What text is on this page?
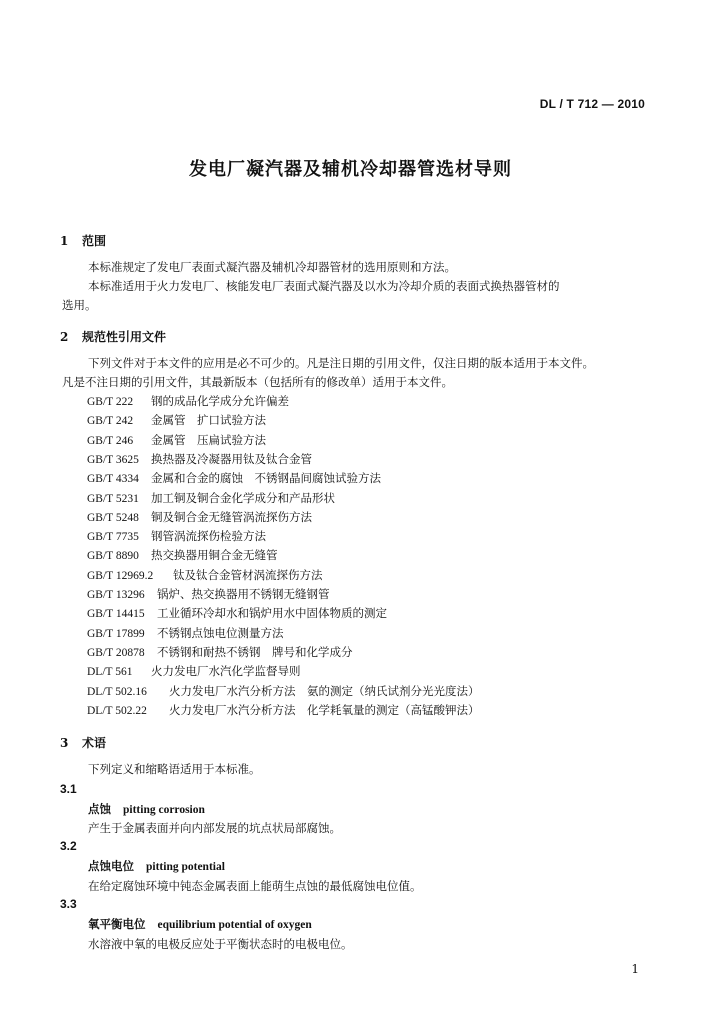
DL / T 712 — 2010
发电厂凝汽器及辅机冷却器管选材导则
1 范围
本标准规定了发电厂表面式凝汽器及辅机冷却器管材的选用原则和方法。
本标准适用于火力发电厂、核能发电厂表面式凝汽器及以水为冷却介质的表面式换热器管材的
选用。
2 规范性引用文件
下列文件对于本文件的应用是必不可少的。凡是注日期的引用文件，仅注日期的版本适用于本文件。
凡是不注日期的引用文件，其最新版本（包括所有的修改单）适用于本文件。
GB/T 222 钢的成品化学成分允许偏差
GB/T 242 金属管　扩口试验方法
GB/T 246 金属管　压扁试验方法
GB/T 3625 换热器及冷凝器用钛及钛合金管
GB/T 4334 金属和合金的腐蚀　不锈钢晶间腐蚀试验方法
GB/T 5231 加工铜及铜合金化学成分和产品形状
GB/T 5248 铜及铜合金无缝管涡流探伤方法
GB/T 7735 钢管涡流探伤检验方法
GB/T 8890 热交换器用铜合金无缝管
GB/T 12969.2 钛及钛合金管材涡流探伤方法
GB/T 13296 锅炉、热交换器用不锈钢无缝钢管
GB/T 14415 工业循环冷却水和锅炉用水中固体物质的测定
GB/T 17899 不锈钢点蚀电位测量方法
GB/T 20878 不锈钢和耐热不锈钢　牌号和化学成分
DL/T 561 火力发电厂水汽化学监督导则
DL/T 502.16 火力发电厂水汽分析方法　氨的测定（纳氏试剂分光光度法）
DL/T 502.22 火力发电厂水汽分析方法　化学耗氧量的测定（高锰酸钾法）
3 术语
下列定义和缩略语适用于本标准。
3.1
点蚀 pitting corrosion
产生于金属表面并向内部发展的坑点状局部腐蚀。
3.2
点蚀电位 pitting potential
在给定腐蚀环境中钝态金属表面上能萌生点蚀的最低腐蚀电位值。
3.3
氧平衡电位 equilibrium potential of oxygen
水溶液中氧的电极反应处于平衡状态时的电极电位。
1
